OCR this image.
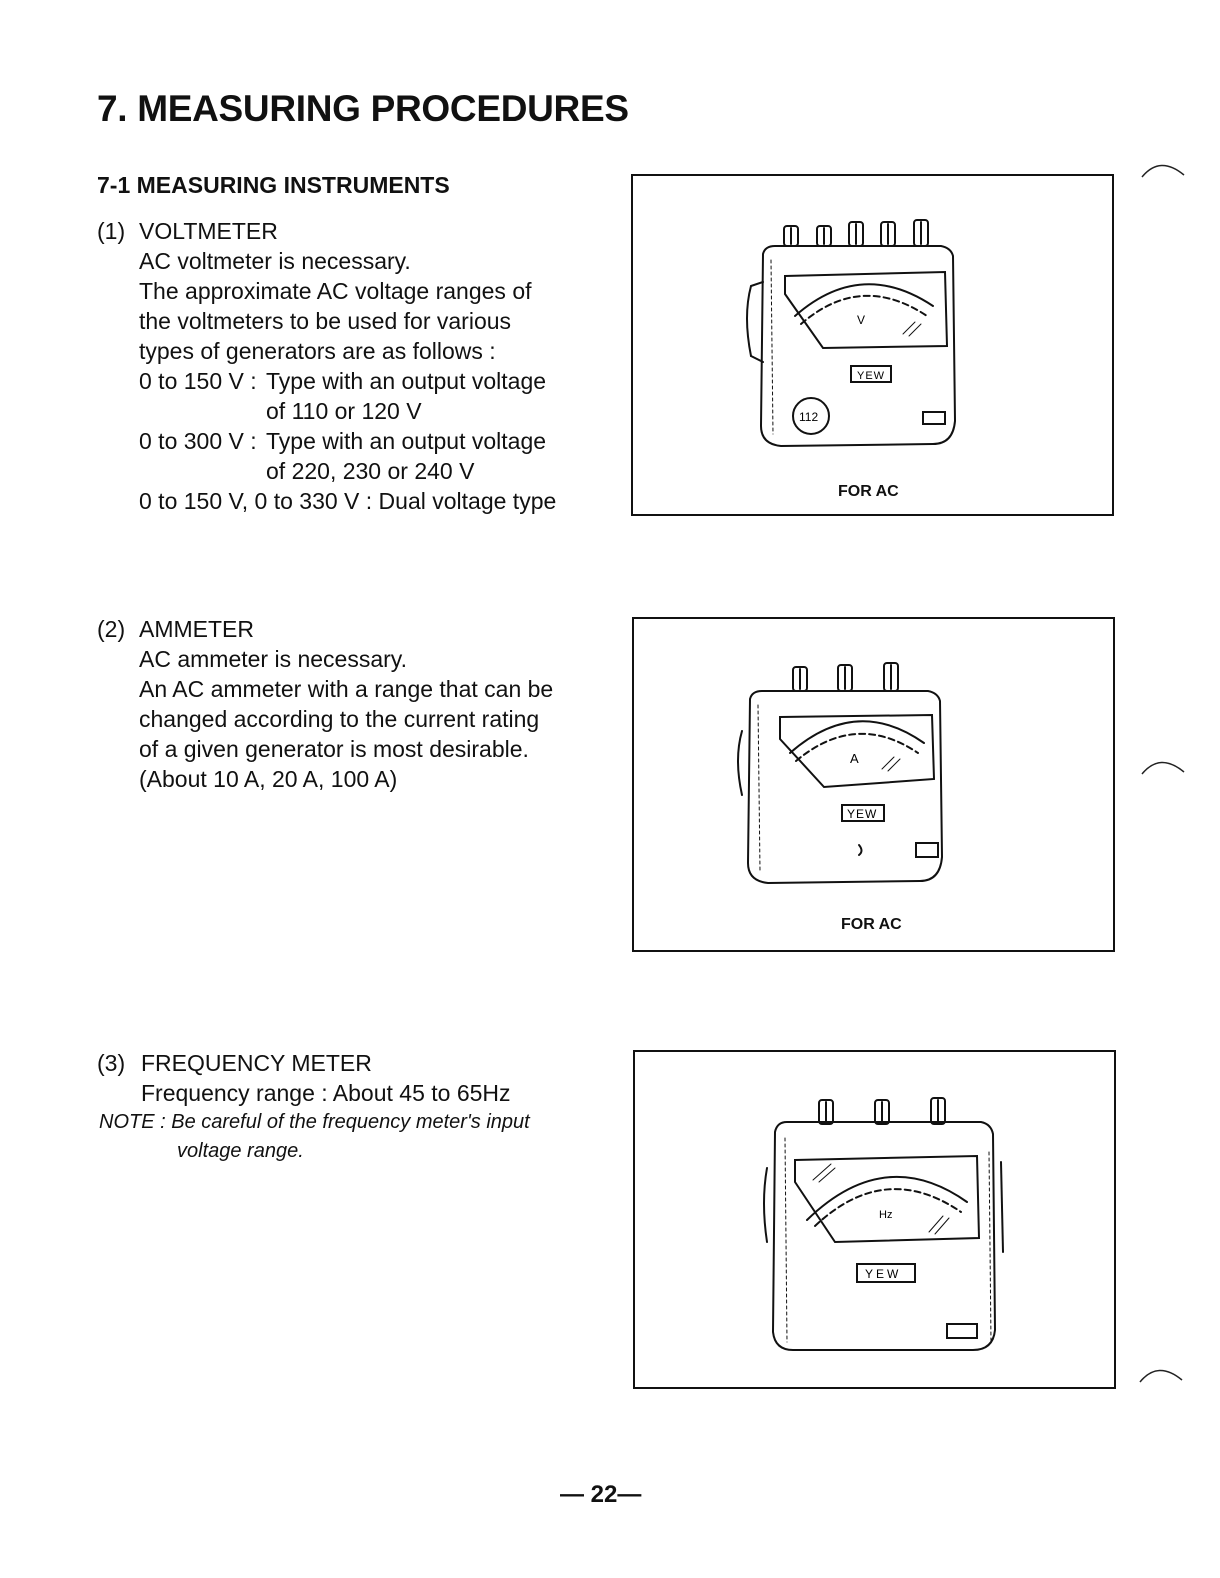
7. MEASURING PROCEDURES
7-1 MEASURING INSTRUMENTS
(1) VOLTMETER
AC voltmeter is necessary.
The approximate AC voltage ranges of
the voltmeters to be used for various
types of generators are as follows :
0 to 150 V : Type with an output voltage
of 110 or 120 V
0 to 300 V : Type with an output voltage
of 220, 230 or 240 V
0 to 150 V, 0 to 330 V : Dual voltage type
V
YEW
112
FOR AC
(2) AMMETER
AC ammeter is necessary.
An AC ammeter with a range that can be
changed according to the current rating
of a given generator is most desirable.
(About 10 A, 20 A, 100 A)
A
YEW
FOR AC
(3) FREQUENCY METER
Frequency range : About 45 to 65Hz
NOTE : Be careful of the frequency meter's input
voltage range.
Hz
YEW
— 22—
